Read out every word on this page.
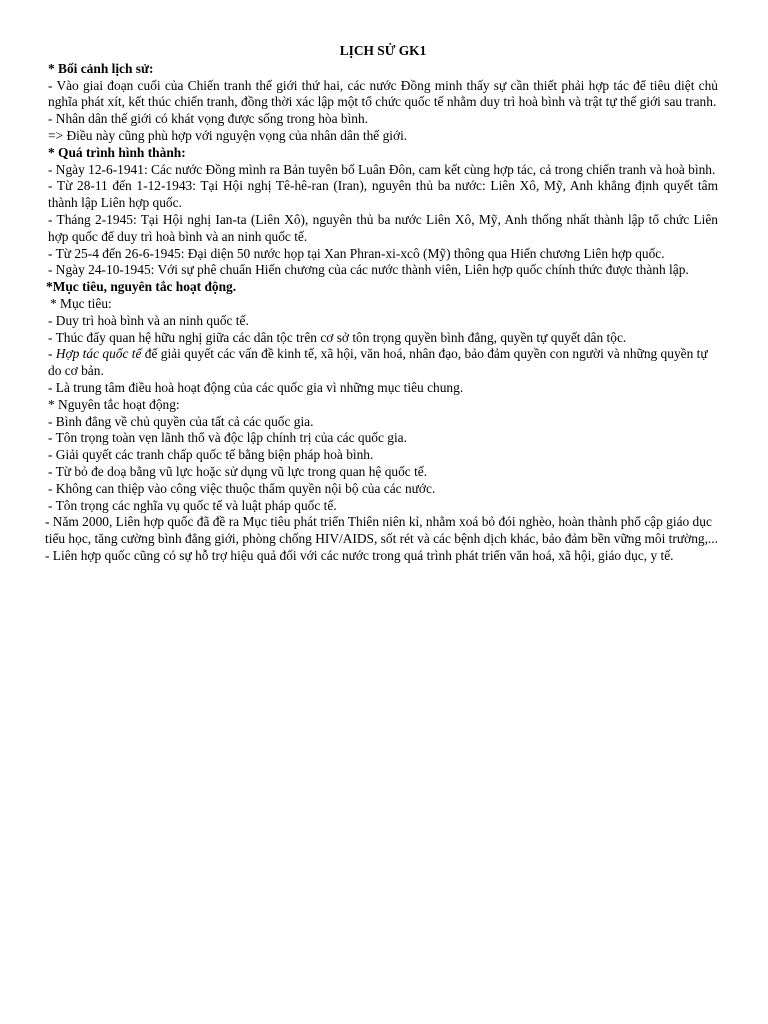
LỊCH SỬ GK1

* Bối cảnh lịch sử:

- Vào giai đoạn cuối của Chiến tranh thế giới thứ hai, các nước Đồng minh thấy sự cần thiết phải hợp tác để tiêu diệt chủ nghĩa phát xít, kết thúc chiến tranh, đồng thời xác lập một tổ chức quốc tế nhằm duy trì hoà bình và trật tự thế giới sau tranh.

- Nhân dân thế giới có khát vọng được sống trong hòa bình.

=> Điều này cũng phù hợp với nguyện vọng của nhân dân thế giới.

* Quá trình hình thành:

- Ngày 12-6-1941: Các nước Đồng mình ra Bản tuyên bố Luân Đôn, cam kết cùng hợp tác, cả trong chiến tranh và hoà bình.

- Từ 28-11 đến 1-12-1943: Tại Hội nghị Tê-hê-ran (Iran), nguyên thủ ba nước: Liên Xô, Mỹ, Anh khẳng định quyết tâm thành lập Liên hợp quốc.

- Tháng 2-1945: Tại Hội nghị Ian-ta (Liên Xô), nguyên thủ ba nước Liên Xô, Mỹ, Anh thống nhất thành lập tổ chức Liên hợp quốc để duy trì hoà bình và an ninh quốc tế.

- Từ 25-4 đến 26-6-1945: Đại diện 50 nước họp tại Xan Phran-xi-xcô (Mỹ) thông qua Hiến chương Liên hợp quốc.

- Ngày 24-10-1945: Với sự phê chuẩn Hiến chương của các nước thành viên, Liên hợp quốc chính thức được thành lập.

*Mục tiêu, nguyên tắc hoạt động.

* Mục tiêu:

- Duy trì hoà bình và an ninh quốc tế.

- Thúc đẩy quan hệ hữu nghị giữa các dân tộc trên cơ sở tôn trọng quyền bình đẳng, quyền tự quyết dân tộc.

- Hợp tác quốc tế để giải quyết các vấn đề kinh tế, xã hội, văn hoá, nhân đạo, bảo đảm quyền con người và những quyền tự do cơ bản.

- Là trung tâm điều hoà hoạt động của các quốc gia vì những mục tiêu chung.

* Nguyên tắc hoạt động:

- Bình đẳng về chủ quyền của tất cả các quốc gia.

- Tôn trọng toàn vẹn lãnh thổ và độc lập chính trị của các quốc gia.

- Giải quyết các tranh chấp quốc tế bằng biện pháp hoà bình.

- Từ bỏ đe doạ bằng vũ lực hoặc sử dụng vũ lực trong quan hệ quốc tế.

- Không can thiệp vào công việc thuộc thẩm quyền nội bộ của các nước.

- Tôn trọng các nghĩa vụ quốc tế và luật pháp quốc tế.

- Năm 2000, Liên hợp quốc đã đề ra Mục tiêu phát triển Thiên niên kỉ, nhằm xoá bỏ đói nghèo, hoàn thành phổ cập giáo dục tiểu học, tăng cường bình đẳng giới, phòng chống HIV/AIDS, sốt rét và các bệnh dịch khác, bảo đảm bền vững môi trường,...

- Liên hợp quốc cũng có sự hỗ trợ hiệu quả đối với các nước trong quá trình phát triển văn hoá, xã hội, giáo dục, y tế.
